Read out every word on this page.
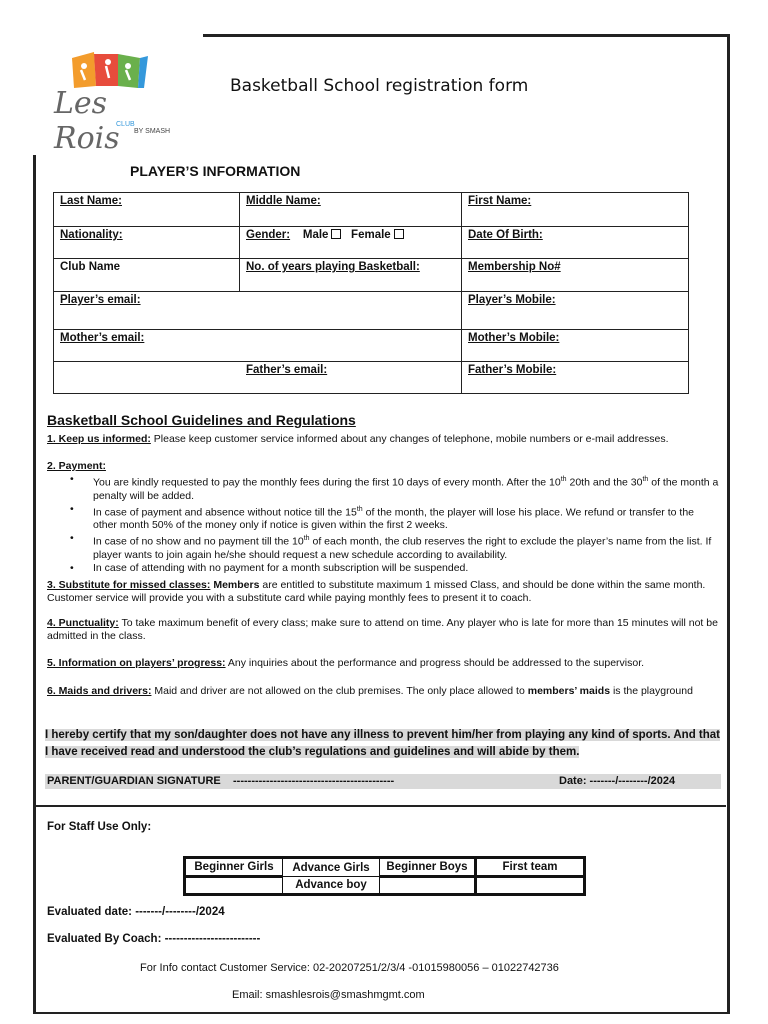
Les Rois
CLUB
BY SMASH
Basketball School registration form
PLAYER’S INFORMATION
Last Name:	Middle Name:	First Name:
Nationality:	Gender: Male Female	Date Of Birth:
Club Name	No. of years playing Basketball:	Membership No#
Player’s email:		Player’s Mobile:
Mother’s email:		Mother’s Mobile:
Father’s email:		Father’s Mobile:
Basketball School Guidelines and Regulations
1. Keep us informed: Please keep customer service informed about any changes of telephone, mobile numbers or e-mail addresses.
2. Payment:
• You are kindly requested to pay the monthly fees during the first 10 days of every month. After the 10th 20th and the 30th of the month a penalty will be added.
• In case of payment and absence without notice till the 15th of the month, the player will lose his place. We refund or transfer to the other month 50% of the money only if notice is given within the first 2 weeks.
• In case of no show and no payment till the 10th of each month, the club reserves the right to exclude the player’s name from the list. If player wants to join again he/she should request a new schedule according to availability.
• In case of attending with no payment for a month subscription will be suspended.
3. Substitute for missed classes: Members are entitled to substitute maximum 1 missed Class, and should be done within the same month. Customer service will provide you with a substitute card while paying monthly fees to present it to coach.
4. Punctuality: To take maximum benefit of every class; make sure to attend on time. Any player who is late for more than 15 minutes will not be admitted in the class.
5. Information on players’ progress: Any inquiries about the performance and progress should be addressed to the supervisor.
6. Maids and drivers: Maid and driver are not allowed on the club premises. The only place allowed to members’ maids is the playground
I hereby certify that my son/daughter does not have any illness to prevent him/her from playing any kind of sports. And that I have received read and understood the club’s regulations and guidelines and will abide by them.
PARENT/GUARDIAN SIGNATURE --------------------------------------------	Date: -------/--------/2024
For Staff Use Only:
Beginner Girls	Advance Girls	Beginner Boys	First team
	Advance boy		
Evaluated date: -------/--------/2024
Evaluated By Coach: -------------------------
For Info contact Customer Service: 02-20207251/2/3/4 -01015980056 – 01022742736
Email: smashlesrois@smashmgmt.com
